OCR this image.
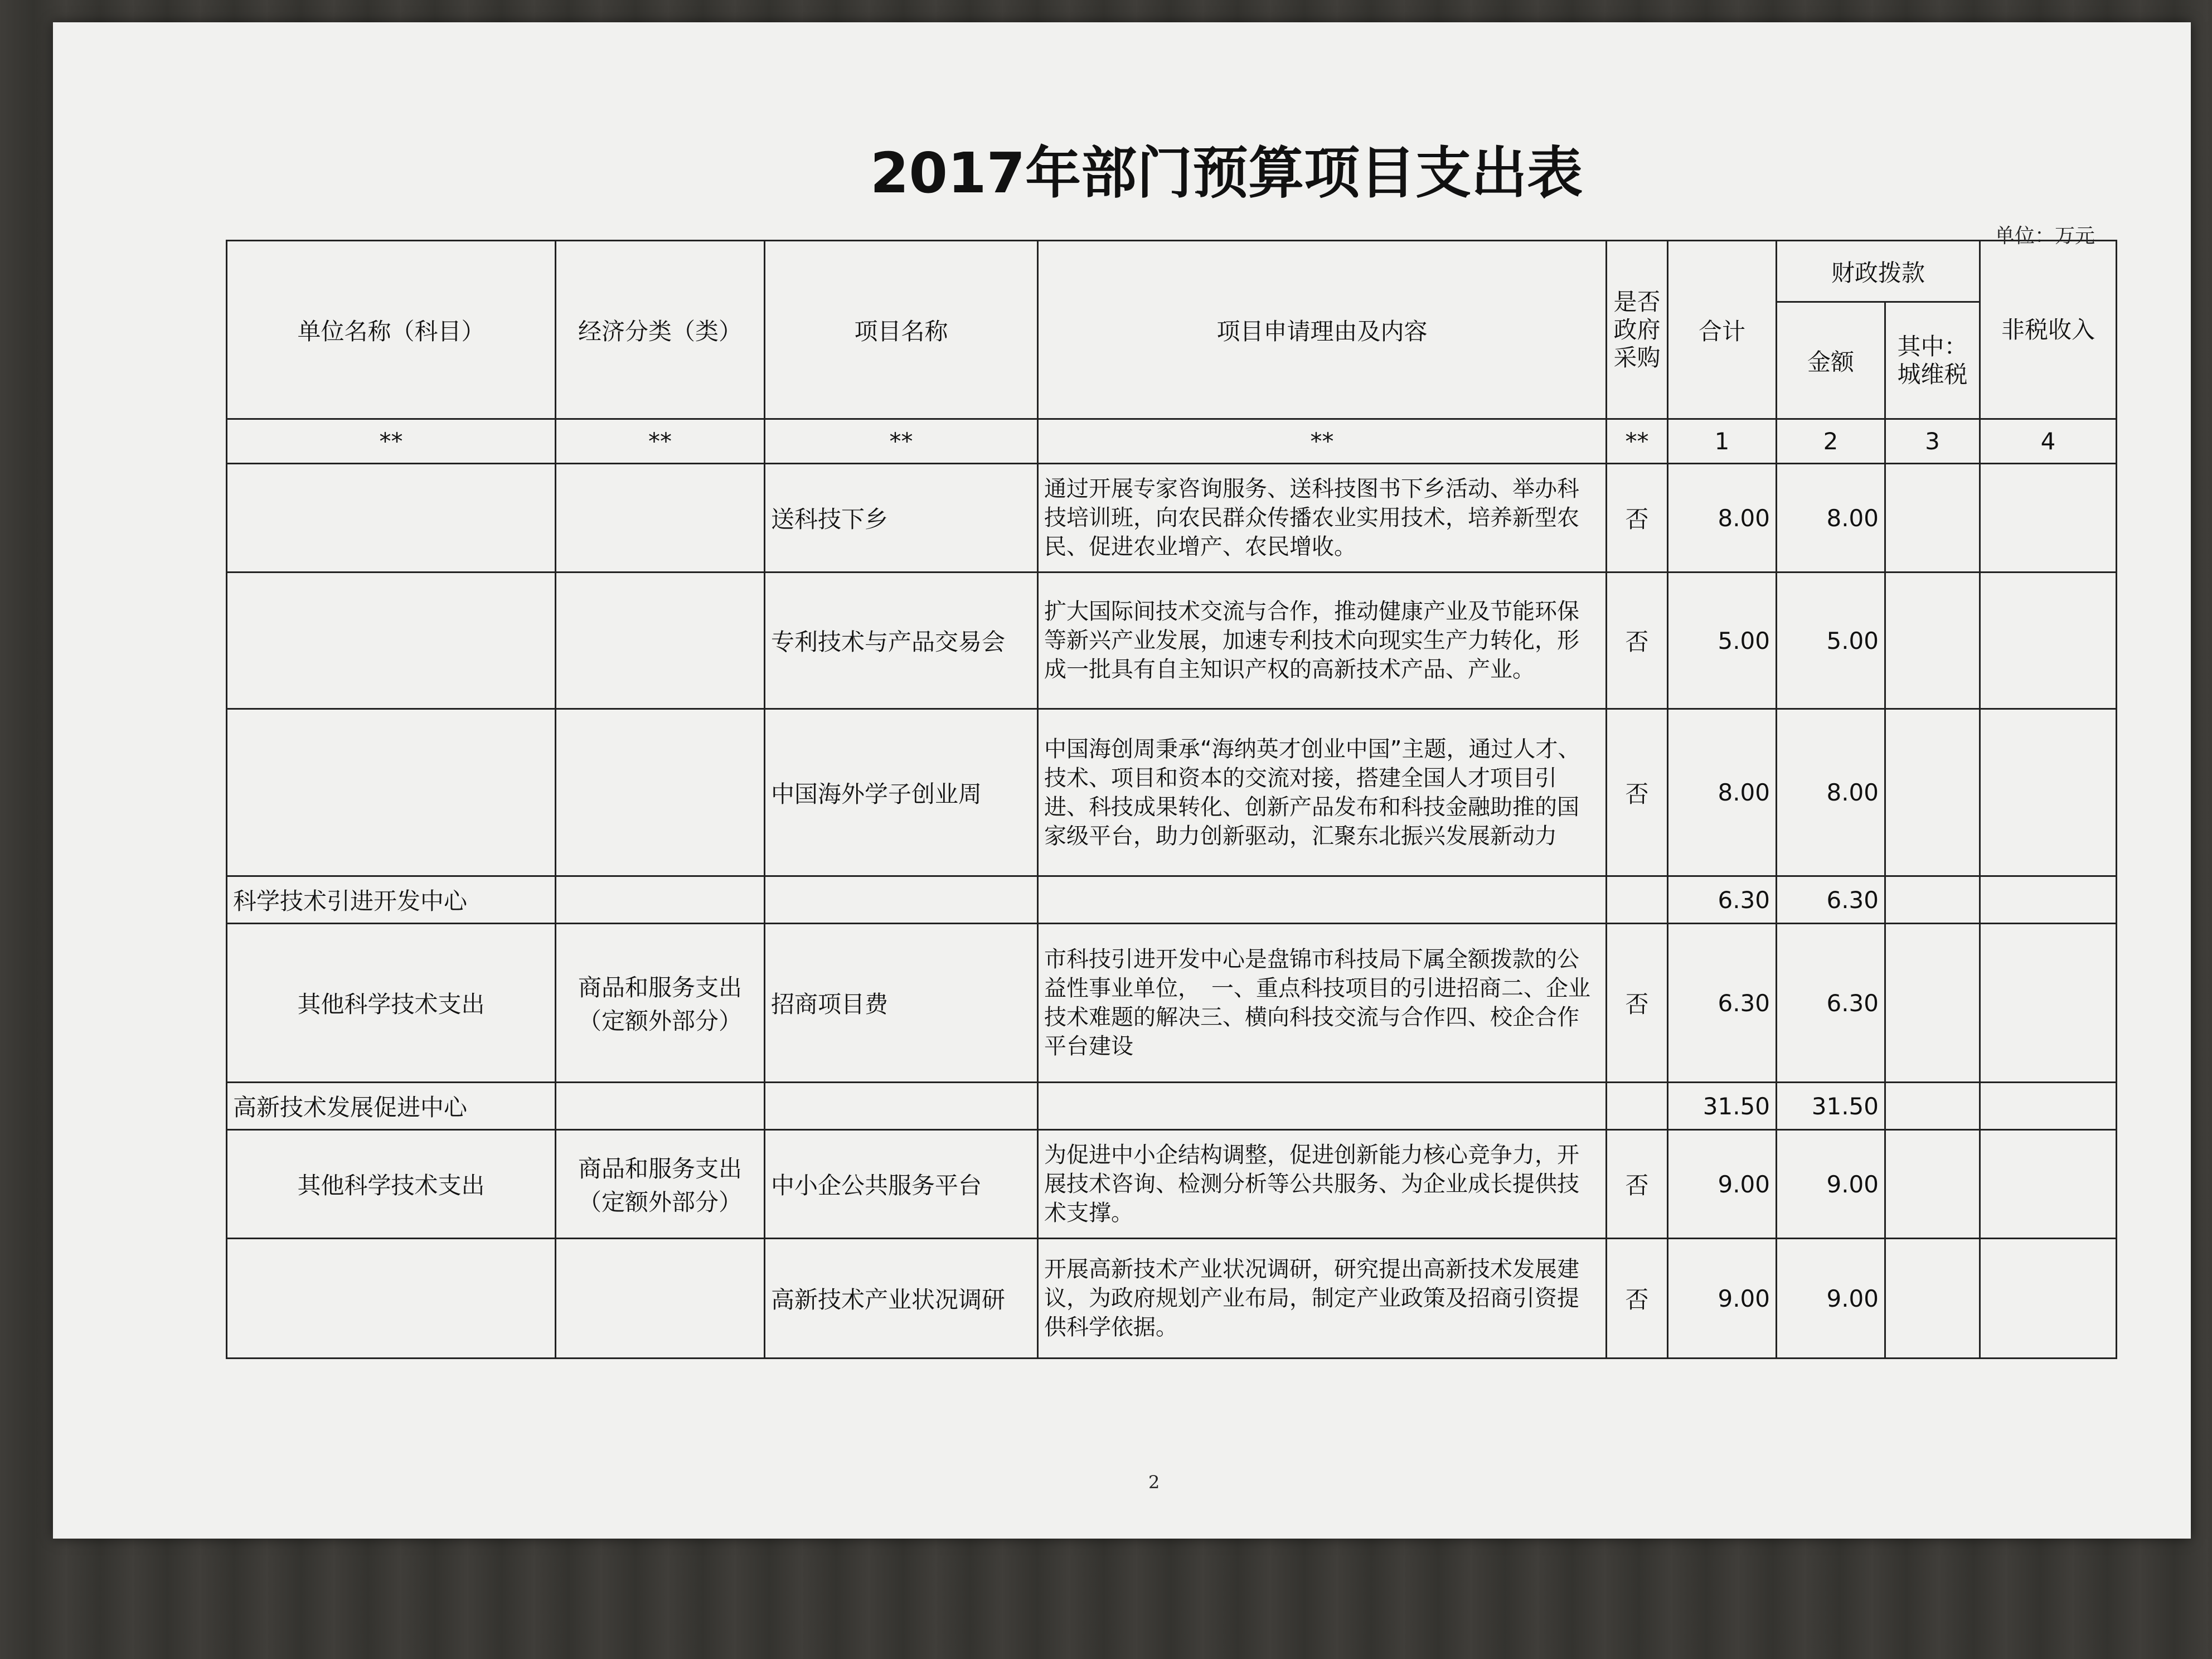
2017年部门预算项目支出表
单位：万元
单位名称（科目）	经济分类（类）	项目名称	项目申请理由及内容	是否政府采购	合计	财政拨款		非税收入
						金额	其中：城维税	
**	**	**	**	**	1	2	3	4
		送科技下乡	通过开展专家咨询服务、送科技图书下乡活动、举办科技培训班，向农民群众传播农业实用技术，培养新型农民、促进农业增产、农民增收。	否	8.00	8.00		
		专利技术与产品交易会	扩大国际间技术交流与合作，推动健康产业及节能环保等新兴产业发展，加速专利技术向现实生产力转化，形成一批具有自主知识产权的高新技术产品、产业。	否	5.00	5.00		
		中国海外学子创业周	中国海创周秉承“海纳英才创业中国”主题，通过人才、技术、项目和资本的交流对接，搭建全国人才项目引进、科技成果转化、创新产品发布和科技金融助推的国家级平台，助力创新驱动，汇聚东北振兴发展新动力	否	8.00	8.00		
科学技术引进开发中心					6.30	6.30		
其他科学技术支出	商品和服务支出（定额外部分）	招商项目费	市科技引进开发中心是盘锦市科技局下属全额拨款的公益性事业单位，　一、重点科技项目的引进招商二、企业技术难题的解决三、横向科技交流与合作四、校企合作平台建设	否	6.30	6.30		
高新技术发展促进中心					31.50	31.50		
其他科学技术支出	商品和服务支出（定额外部分）	中小企公共服务平台	为促进中小企结构调整，促进创新能力核心竞争力，开展技术咨询、检测分析等公共服务、为企业成长提供技术支撑。	否	9.00	9.00		
		高新技术产业状况调研	开展高新技术产业状况调研，研究提出高新技术发展建议，为政府规划产业布局，制定产业政策及招商引资提供科学依据。	否	9.00	9.00		
2
